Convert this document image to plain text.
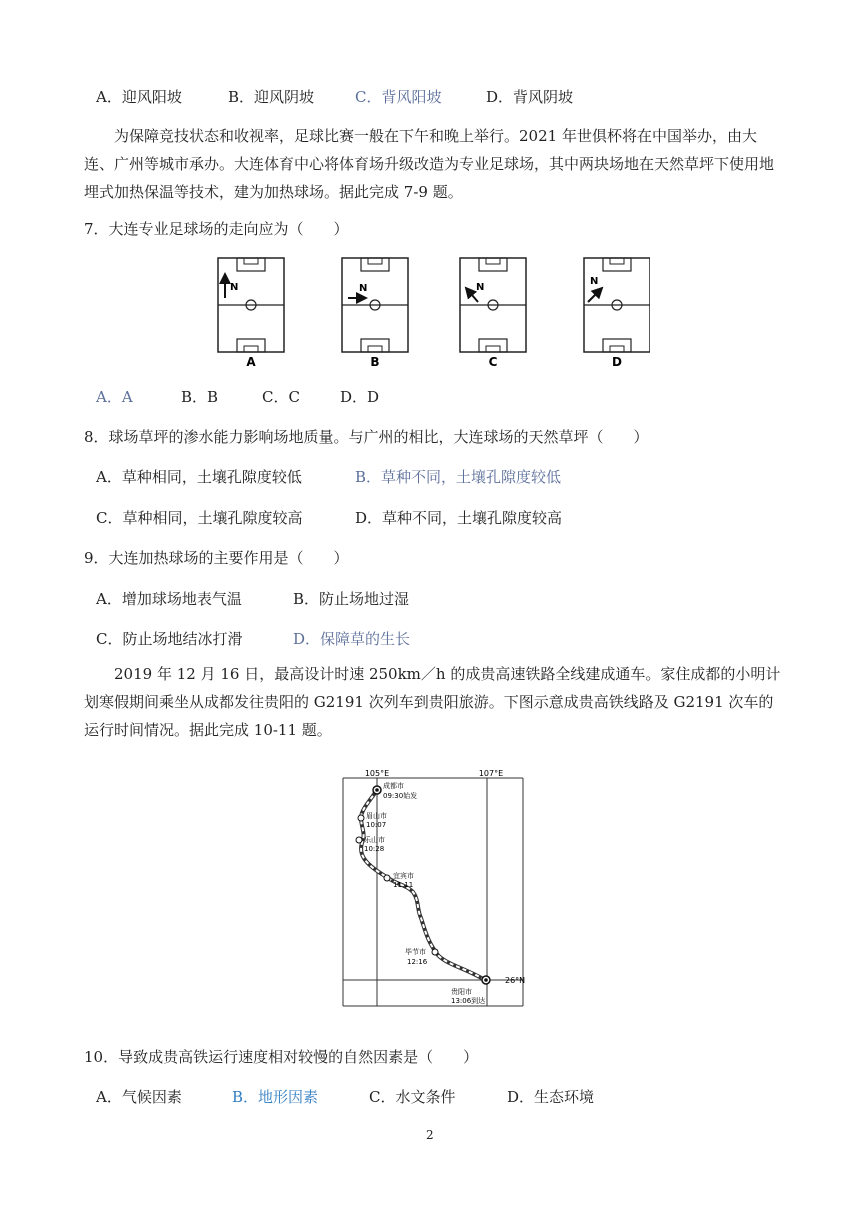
A．迎风阳坡	B．迎风阴坡	C．背风阳坡	D．背风阴坡
为保障竞技状态和收视率，足球比赛一般在下午和晚上举行。2021 年世俱杯将在中国举办，由大连、广州等城市承办。大连体育中心将体育场升级改造为专业足球场，其中两块场地在天然草坪下使用地埋式加热保温等技术，建为加热球场。据此完成 7-9 题。
7．大连专业足球场的走向应为（　　）
N
A
N
B
N
C
N
D
A．A	B．B	C．C	D．D
8．球场草坪的渗水能力影响场地质量。与广州的相比，大连球场的天然草坪（　　）
A．草种相同，土壤孔隙度较低	B．草种不同，土壤孔隙度较低
C．草种相同，土壤孔隙度较高	D．草种不同，土壤孔隙度较高
9．大连加热球场的主要作用是（　　）
A．增加球场地表气温	B．防止场地过湿
C．防止场地结冰打滑	D．保障草的生长
2019 年 12 月 16 日，最高设计时速 250km／h 的成贵高速铁路全线建成通车。家住成都的小明计划寒假期间乘坐从成都发往贵阳的 G2191 次列车到贵阳旅游。下图示意成贵高铁线路及 G2191 次车的运行时间情况。据此完成 10-11 题。
105°E	107°E
26°N
成都市
09:30始发
眉山市
10:07
乐山市
10:28
宜宾市
11:11
毕节市
12:16
贵阳市
13:06到达
10．导致成贵高铁运行速度相对较慢的自然因素是（　　）
A．气候因素	B．地形因素	C．水文条件	D．生态环境
2
